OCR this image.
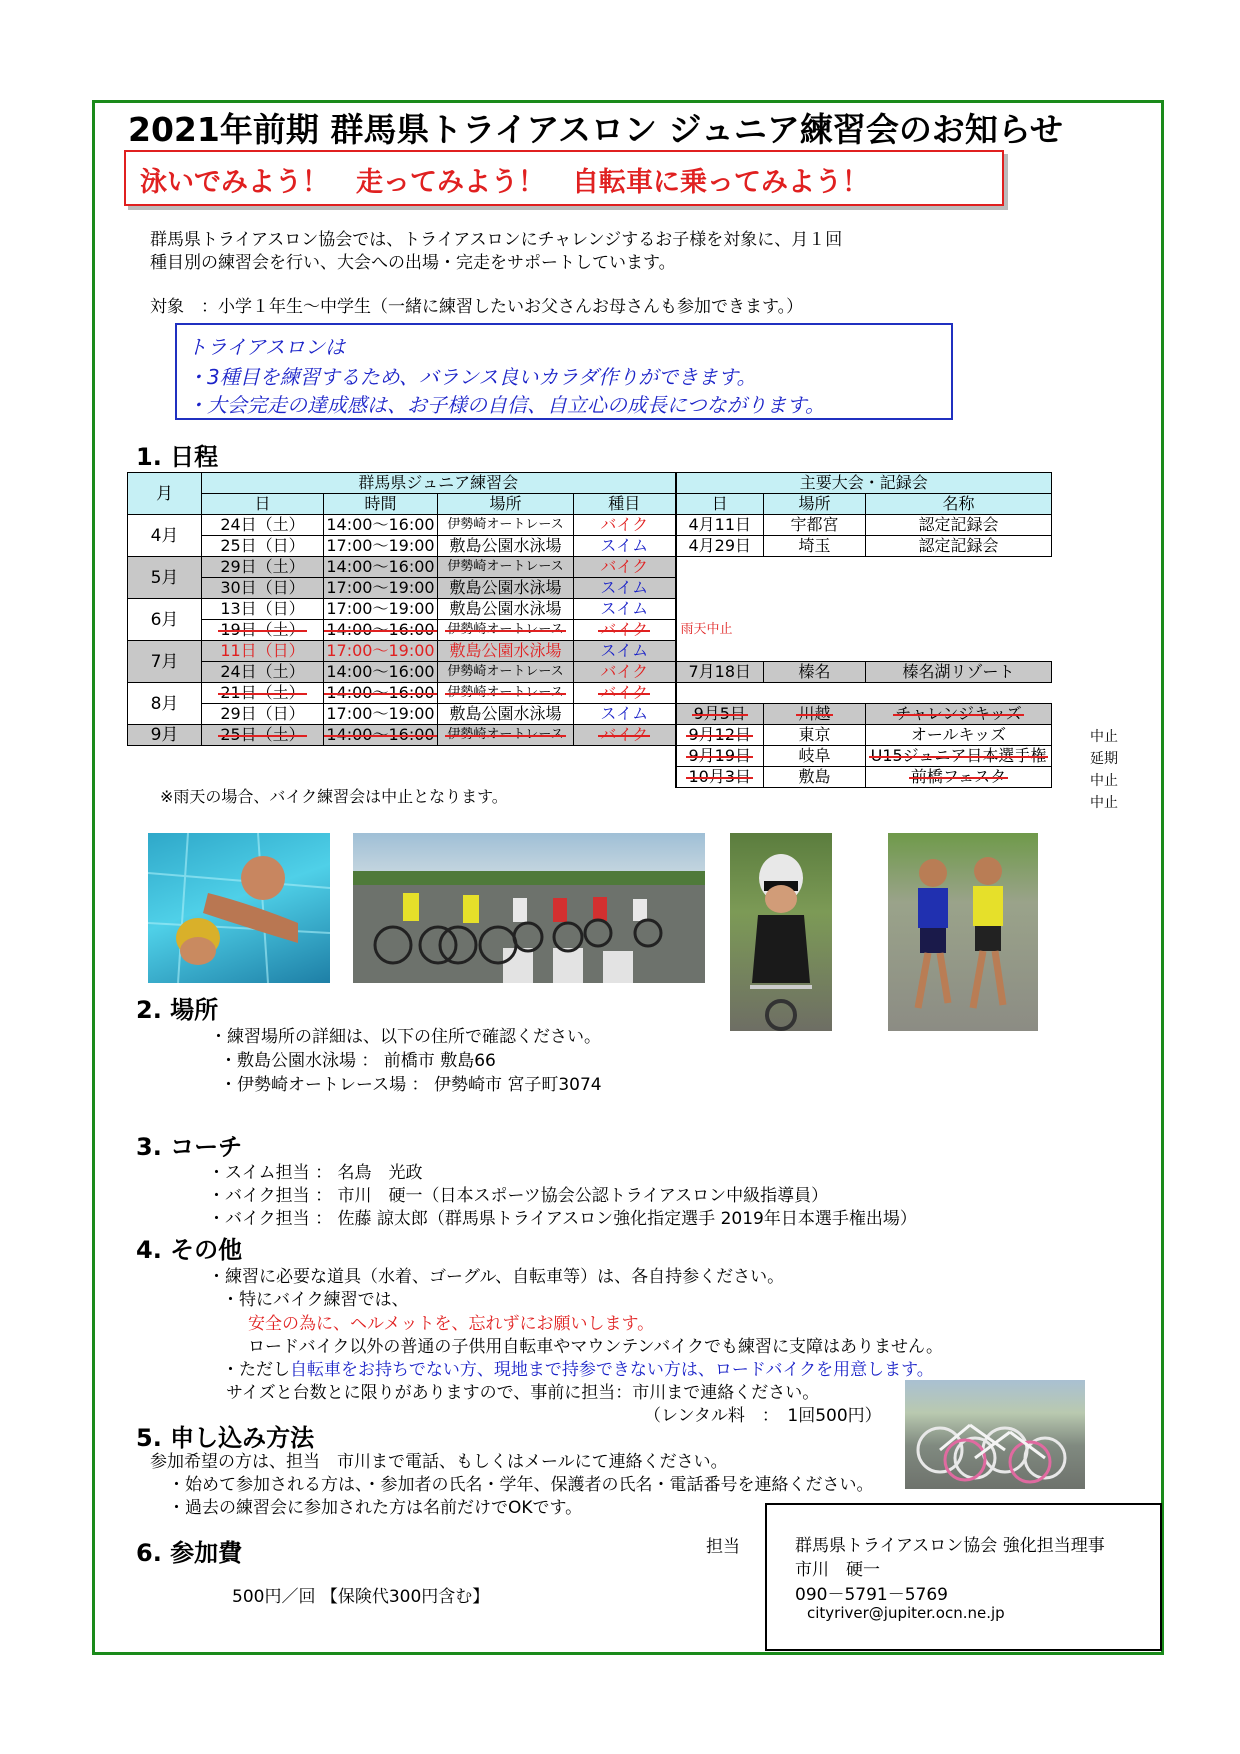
2021年前期 群馬県トライアスロン ジュニア練習会のお知らせ
泳いでみよう！　走ってみよう！　自転車に乗ってみよう！
群馬県トライアスロン協会では、トライアスロンにチャレンジするお子様を対象に、月１回
種目別の練習会を行い、大会への出場・完走をサポートしています。
対象　：小学１年生～中学生（一緒に練習したいお父さんお母さんも参加できます。）
トライアスロンは
・3種目を練習するため、バランス良いカラダ作りができます。
・大会完走の達成感は、お子様の自信、自立心の成長につながります。
1. 日程
月	群馬県ジュニア練習会				主要大会・記録会		
	日	時間	場所	種目	日	場所	名称
4月	24日（土）	14:00～16:00	伊勢崎オートレース	バイク	4月11日	宇都宮	認定記録会
	25日（日）	17:00～19:00	敷島公園水泳場	スイム	4月29日	埼玉	認定記録会
5月	29日（土）	14:00～16:00	伊勢崎オートレース	バイク			
	30日（日）	17:00～19:00	敷島公園水泳場	スイム			
6月	13日（日）	17:00～19:00	敷島公園水泳場	スイム			
	19日（土）	14:00～16:00	伊勢崎オートレース	バイク	雨天中止		
7月	11日（日）	17:00～19:00	敷島公園水泳場	スイム			
	24日（土）	14:00～16:00	伊勢崎オートレース	バイク	7月18日	榛名	榛名湖リゾート
8月	21日（土）	14:00～16:00	伊勢崎オートレース	バイク			
	29日（日）	17:00～19:00	敷島公園水泳場	スイム	9月5日	川越	チャレンジキッズ
9月	25日（土）	14:00～16:00	伊勢崎オートレース	バイク	9月12日	東京	オールキッズ
					9月19日	岐阜	U15ジュニア日本選手権
					10月3日	敷島	前橋フェスタ
中止
延期
中止
中止
※雨天の場合、バイク練習会は中止となります。
2. 場所
・練習場所の詳細は、以下の住所で確認ください。
・敷島公園水泳場 ： 前橋市 敷島66
・伊勢崎オートレース場 ： 伊勢崎市 宮子町3074
3. コーチ
・スイム担当 ： 名鳥　光政
・バイク担当 ： 市川　硬一（日本スポーツ協会公認トライアスロン中級指導員）
・バイク担当 ： 佐藤 諒太郎（群馬県トライアスロン強化指定選手 2019年日本選手権出場）
4. その他
・練習に必要な道具（水着、ゴーグル、自転車等）は、各自持参ください。
・特にバイク練習では、
安全の為に、ヘルメットを、忘れずにお願いします。
ロードバイク以外の普通の子供用自転車やマウンテンバイクでも練習に支障はありません。
・ただし自転車をお持ちでない方、現地まで持参できない方は、ロードバイクを用意します。
サイズと台数とに限りがありますので、事前に担当：市川まで連絡ください。
（レンタル料　：　1回500円）
5. 申し込み方法
参加希望の方は、担当　市川まで電話、もしくはメールにて連絡ください。
・始めて参加される方は、・参加者の氏名・学年、保護者の氏名・電話番号を連絡ください。
・過去の練習会に参加された方は名前だけでOKです。
6. 参加費
500円／回 【保険代300円含む】
担当	群馬県トライアスロン協会 強化担当理事
市川　硬一
090－5791－5769
cityriver@jupiter.ocn.ne.jp
